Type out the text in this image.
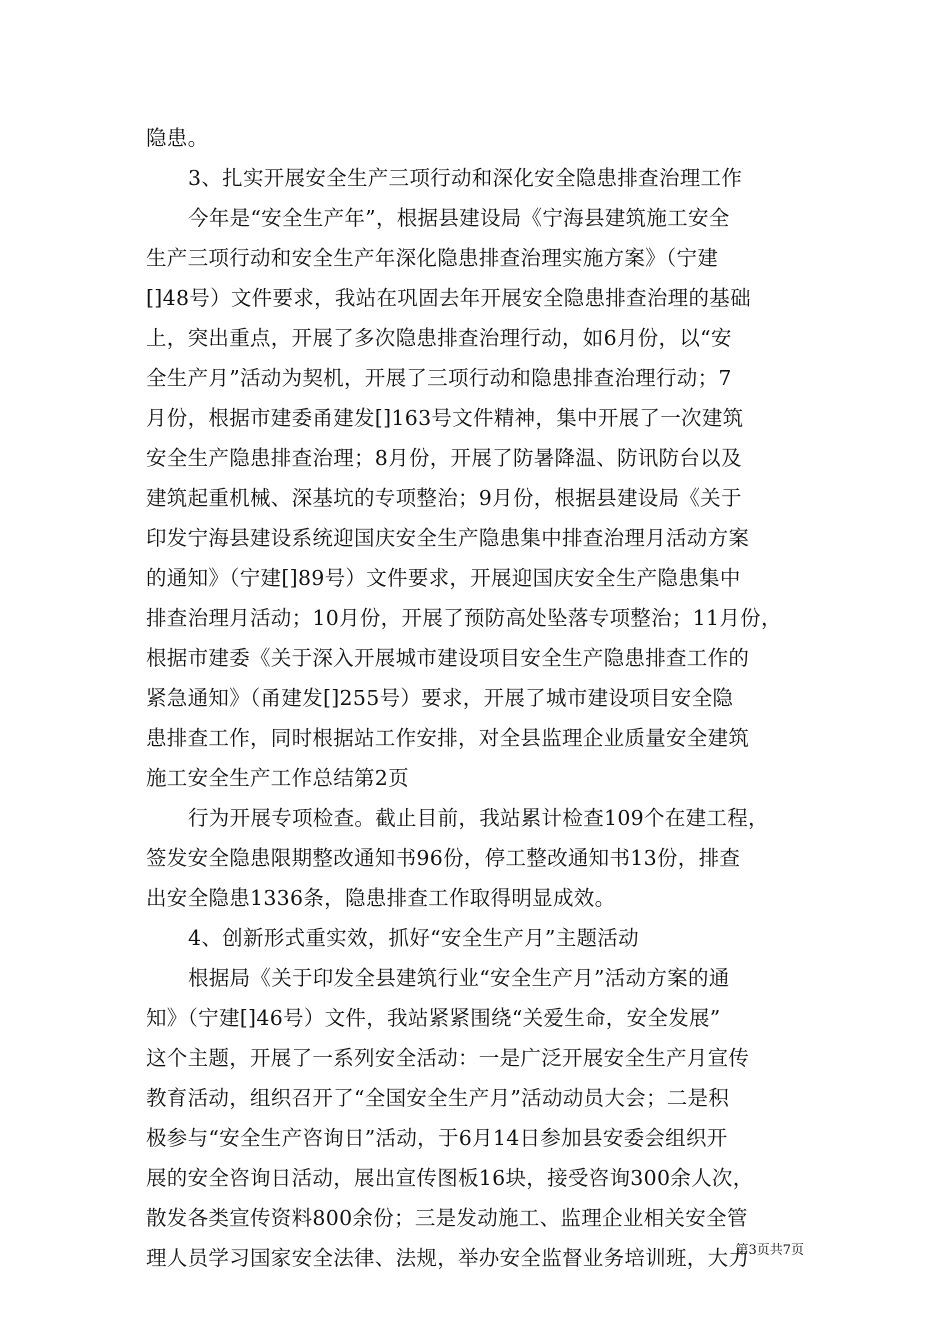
隐患。
3、扎实开展安全生产三项行动和深化安全隐患排查治理工作
今年是“安全生产年”，根据县建设局《宁海县建筑施工安全
生产三项行动和安全生产年深化隐患排查治理实施方案》（宁建
[]48号）文件要求，我站在巩固去年开展安全隐患排查治理的基础
上，突出重点，开展了多次隐患排查治理行动，如6月份，以“安
全生产月”活动为契机，开展了三项行动和隐患排查治理行动；7
月份，根据市建委甬建发[]163号文件精神，集中开展了一次建筑
安全生产隐患排查治理；8月份，开展了防暑降温、防讯防台以及
建筑起重机械、深基坑的专项整治；9月份，根据县建设局《关于
印发宁海县建设系统迎国庆安全生产隐患集中排查治理月活动方案
的通知》（宁建[]89号）文件要求，开展迎国庆安全生产隐患集中
排查治理月活动；10月份，开展了预防高处坠落专项整治；11月份，
根据市建委《关于深入开展城市建设项目安全生产隐患排查工作的
紧急通知》（甬建发[]255号）要求，开展了城市建设项目安全隐
患排查工作，同时根据站工作安排，对全县监理企业质量安全建筑
施工安全生产工作总结第2页
行为开展专项检查。截止目前，我站累计检查109个在建工程，
签发安全隐患限期整改通知书96份，停工整改通知书13份，排查
出安全隐患1336条，隐患排查工作取得明显成效。
4、创新形式重实效，抓好“安全生产月”主题活动
根据局《关于印发全县建筑行业“安全生产月”活动方案的通
知》（宁建[]46号）文件，我站紧紧围绕“关爱生命，安全发展”
这个主题，开展了一系列安全活动：一是广泛开展安全生产月宣传
教育活动，组织召开了“全国安全生产月”活动动员大会；二是积
极参与“安全生产咨询日”活动，于6月14日参加县安委会组织开
展的安全咨询日活动，展出宣传图板16块，接受咨询300余人次，
散发各类宣传资料800余份；三是发动施工、监理企业相关安全管
理人员学习国家安全法律、法规，举办安全监督业务培训班，大力
第3页共7页
